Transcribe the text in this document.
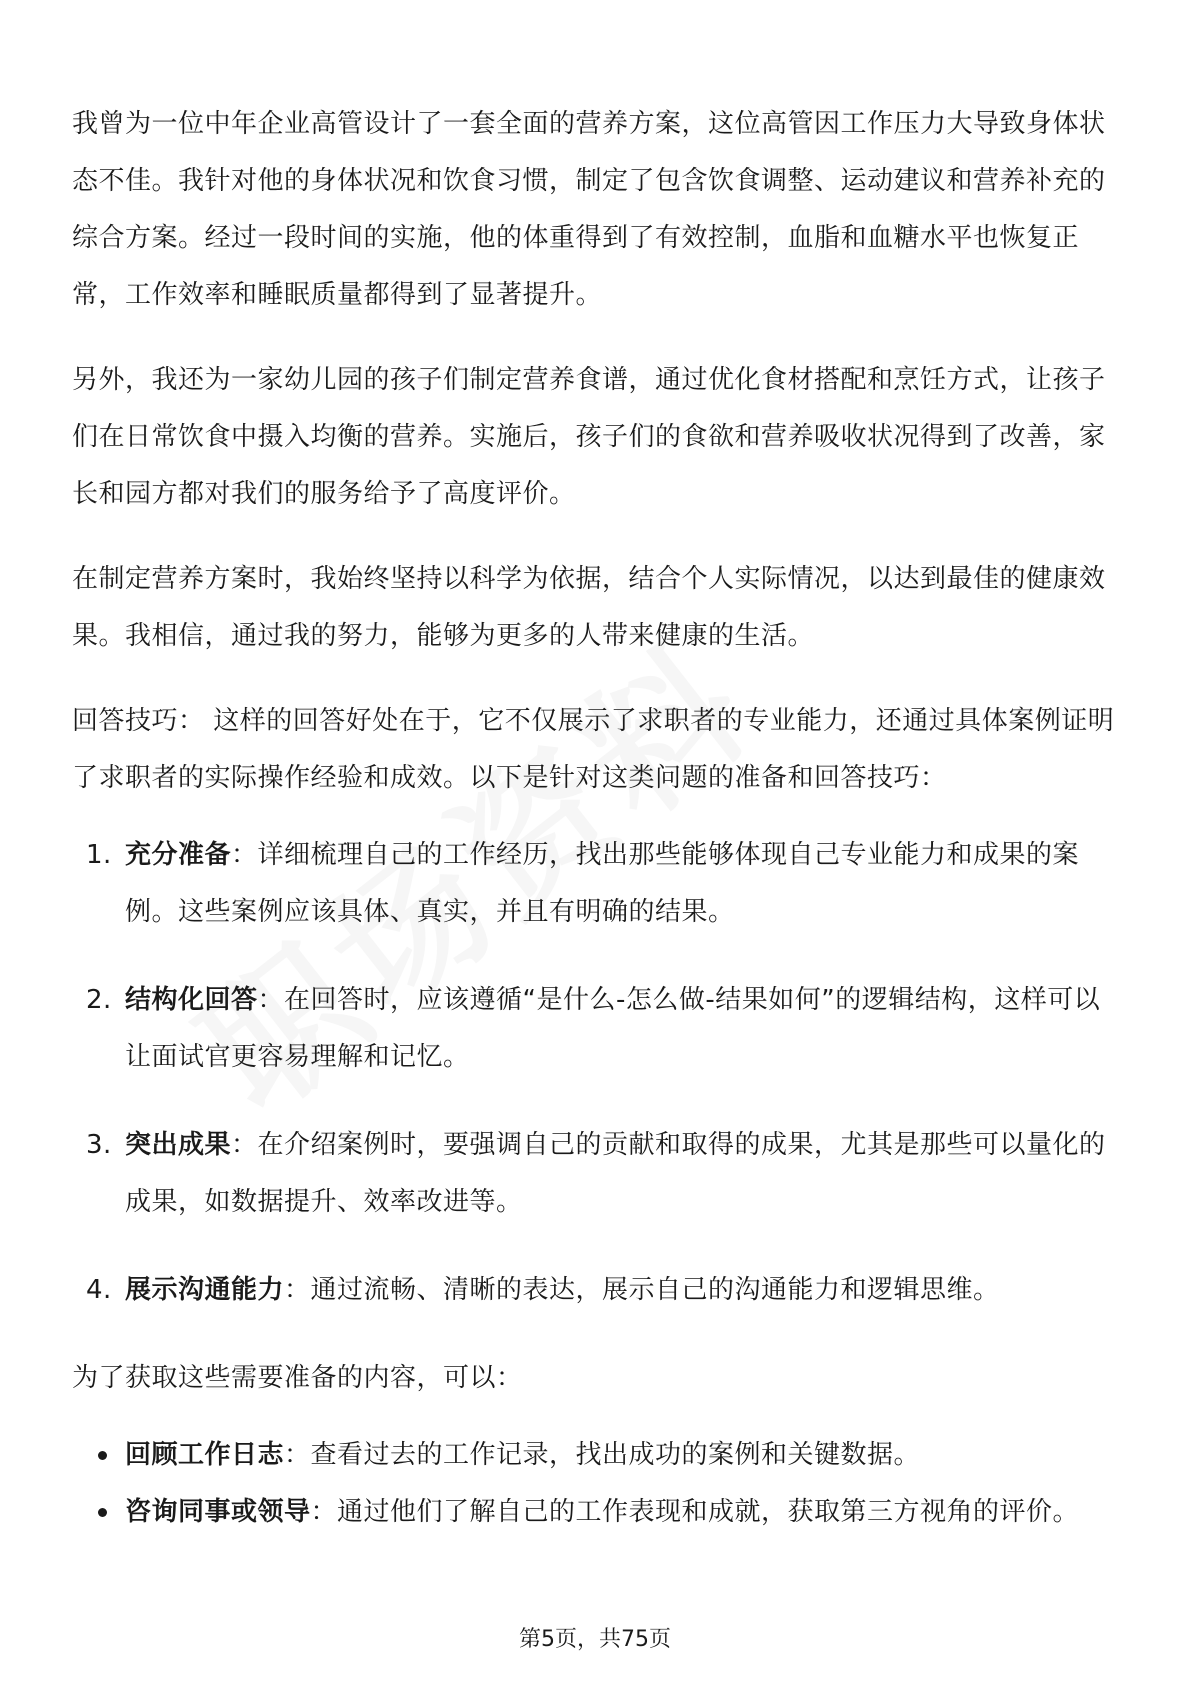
我曾为一位中年企业高管设计了一套全面的营养方案，这位高管因工作压力大导致身体状态不佳。我针对他的身体状况和饮食习惯，制定了包含饮食调整、运动建议和营养补充的综合方案。经过一段时间的实施，他的体重得到了有效控制，血脂和血糖水平也恢复正常，工作效率和睡眠质量都得到了显著提升。

另外，我还为一家幼儿园的孩子们制定营养食谱，通过优化食材搭配和烹饪方式，让孩子们在日常饮食中摄入均衡的营养。实施后，孩子们的食欲和营养吸收状况得到了改善，家长和园方都对我们的服务给予了高度评价。

在制定营养方案时，我始终坚持以科学为依据，结合个人实际情况，以达到最佳的健康效果。我相信，通过我的努力，能够为更多的人带来健康的生活。

回答技巧： 这样的回答好处在于，它不仅展示了求职者的专业能力，还通过具体案例证明了求职者的实际操作经验和成效。以下是针对这类问题的准备和回答技巧：

1. 充分准备：详细梳理自己的工作经历，找出那些能够体现自己专业能力和成果的案例。这些案例应该具体、真实，并且有明确的结果。
2. 结构化回答：在回答时，应该遵循“是什么-怎么做-结果如何”的逻辑结构，这样可以让面试官更容易理解和记忆。
3. 突出成果：在介绍案例时，要强调自己的贡献和取得的成果，尤其是那些可以量化的成果，如数据提升、效率改进等。
4. 展示沟通能力：通过流畅、清晰的表达，展示自己的沟通能力和逻辑思维。

为了获取这些需要准备的内容，可以：

回顾工作日志：查看过去的工作记录，找出成功的案例和关键数据。
咨询同事或领导：通过他们了解自己的工作表现和成就，获取第三方视角的评价。
第5页，共75页
